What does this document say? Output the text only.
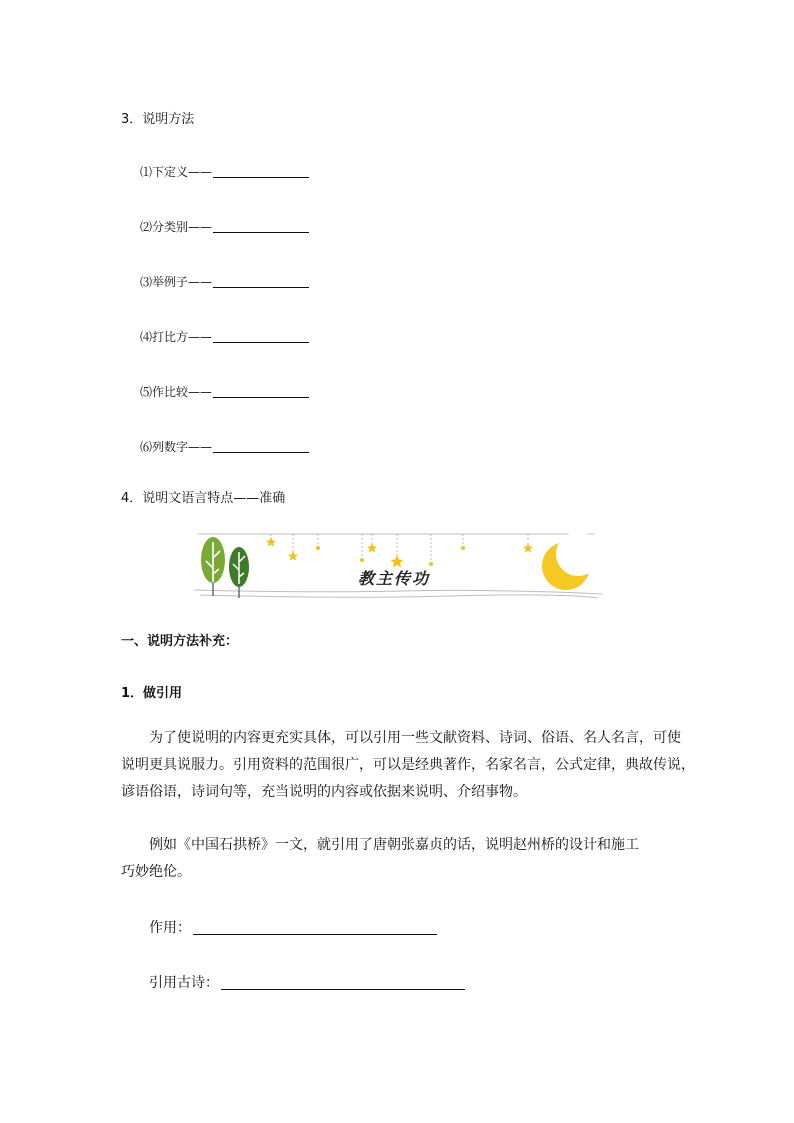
3．说明方法
⑴下定义——
⑵分类别——
⑶举例子——
⑷打比方——
⑸作比较——
⑹列数字——
4．说明文语言特点——准确
教主传功
一、说明方法补充：
1．做引用
为了使说明的内容更充实具体，可以引用一些文献资料、诗词、俗语、名人名言，可使
说明更具说服力。引用资料的范围很广，可以是经典著作，名家名言，公式定律，典故传说，
谚语俗语，诗词句等，充当说明的内容或依据来说明、介绍事物。
例如《中国石拱桥》一文，就引用了唐朝张嘉贞的话，说明赵州桥的设计和施工
巧妙绝伦。
作用：
引用古诗：
